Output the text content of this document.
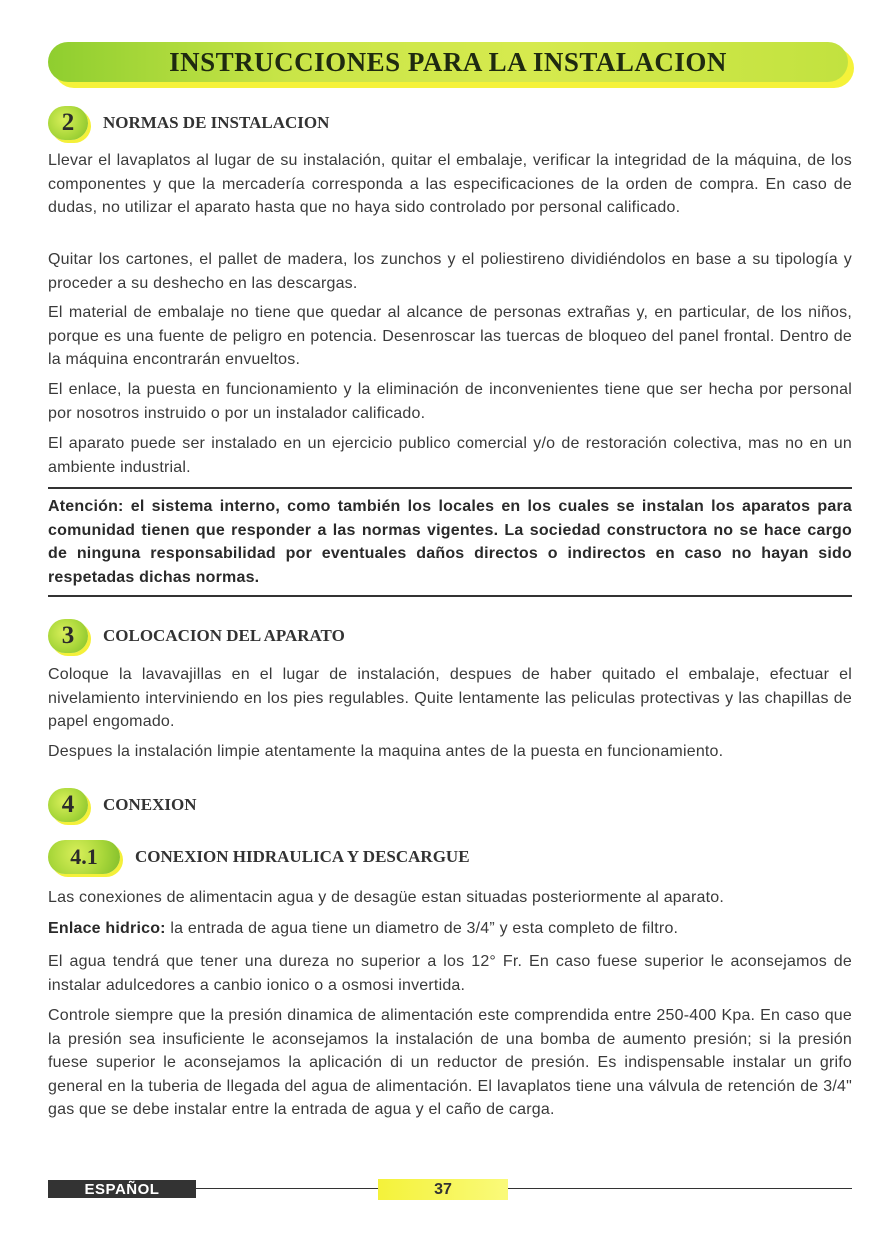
INSTRUCCIONES PARA LA INSTALACION
2	NORMAS DE INSTALACION

Llevar el lavaplatos al lugar de su instalación, quitar el embalaje, verificar la integridad de la máquina, de los componentes y que la mercadería corresponda a las especificaciones de la orden de compra. En caso de dudas, no utilizar el aparato hasta que no haya sido controlado por personal calificado.

Quitar los cartones, el pallet de madera, los zunchos y el poliestireno dividiéndolos en base a su tipología y proceder a su deshecho en las descargas.

El material de embalaje no tiene que quedar al alcance de personas extrañas y, en particular, de los niños, porque es una fuente de peligro en potencia. Desenroscar las tuercas de bloqueo del panel frontal. Dentro de la máquina encontrarán envueltos.

El enlace, la puesta en funcionamiento y la eliminación de inconvenientes tiene que ser hecha por personal por nosotros instruido o por un instalador calificado.

El aparato puede ser instalado en un ejercicio publico comercial y/o de restoración colectiva, mas no en un ambiente industrial.

Atención: el sistema interno, como también los locales en los cuales se instalan los aparatos para comunidad tienen que responder a las normas vigentes. La sociedad constructora no se hace cargo de ninguna responsabilidad por eventuales daños directos o indirectos en caso no hayan sido respetadas dichas normas.

3	COLOCACION DEL APARATO

Coloque la lavavajillas en el lugar de instalación, despues de haber quitado el embalaje, efectuar el nivelamiento interviniendo en los pies regulables. Quite lentamente las peliculas protectivas y las chapillas de papel engomado.

Despues la instalación limpie atentamente la maquina antes de la puesta en funcionamiento.

4	CONEXION
4.1	CONEXION HIDRAULICA Y DESCARGUE

Las conexiones de alimentacin agua y de desagüe estan situadas posteriormente al aparato.

Enlace hidrico: la entrada de agua tiene un diametro de 3/4” y esta completo de filtro.

El agua tendrá que tener una dureza no superior a los 12° Fr. En caso fuese superior le aconsejamos de instalar adulcedores a canbio ionico o a osmosi invertida.

Controle siempre que la presión dinamica de alimentación este comprendida entre 250-400 Kpa. En caso que la presión sea insuficiente le aconsejamos la instalación de una bomba de aumento presión; si la presión fuese superior le aconsejamos la aplicación di un reductor de presión. Es indispensable instalar un grifo general en la tuberia de llegada del agua de alimentación. El lavaplatos tiene una válvula de retención de 3/4" gas que se debe instalar entre la entrada de agua y el caño de carga.

ESPAÑOL	37
